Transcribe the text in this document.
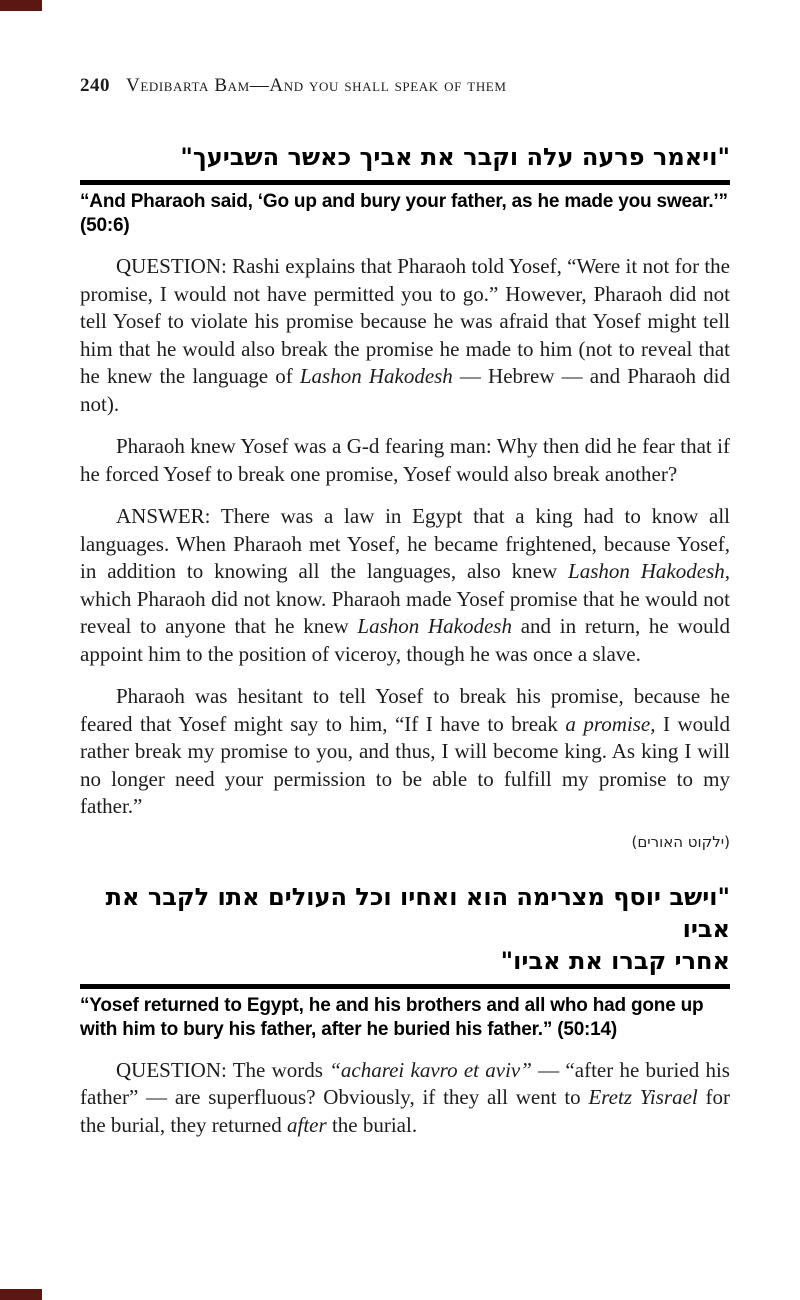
240 Vedibarta Bam—And you shall speak of them
"ויאמר פרעה עלה וקבר את אביך כאשר השביעך"

“And Pharaoh said, ‘Go up and bury your father, as he made you swear.’” (50:6)

QUESTION: Rashi explains that Pharaoh told Yosef, “Were it not for the promise, I would not have permitted you to go.” However, Pharaoh did not tell Yosef to violate his promise because he was afraid that Yosef might tell him that he would also break the promise he made to him (not to reveal that he knew the language of Lashon Hakodesh — Hebrew — and Pharaoh did not).

Pharaoh knew Yosef was a G-d fearing man: Why then did he fear that if he forced Yosef to break one promise, Yosef would also break another?

ANSWER: There was a law in Egypt that a king had to know all languages. When Pharaoh met Yosef, he became frightened, because Yosef, in addition to knowing all the languages, also knew Lashon Hakodesh, which Pharaoh did not know. Pharaoh made Yosef promise that he would not reveal to anyone that he knew Lashon Hakodesh and in return, he would appoint him to the position of viceroy, though he was once a slave.

Pharaoh was hesitant to tell Yosef to break his promise, because he feared that Yosef might say to him, “If I have to break a promise, I would rather break my promise to you, and thus, I will become king. As king I will no longer need your permission to be able to fulfill my promise to my father.”

(ילקוט האורים)

"וישב יוסף מצרימה הוא ואחיו וכל העולים אתו לקבר את אביו
אחרי קברו את אביו"

“Yosef returned to Egypt, he and his brothers and all who had gone up with him to bury his father, after he buried his father.” (50:14)

QUESTION: The words “acharei kavro et aviv” — “after he buried his father” — are superfluous? Obviously, if they all went to Eretz Yisrael for the burial, they returned after the burial.
